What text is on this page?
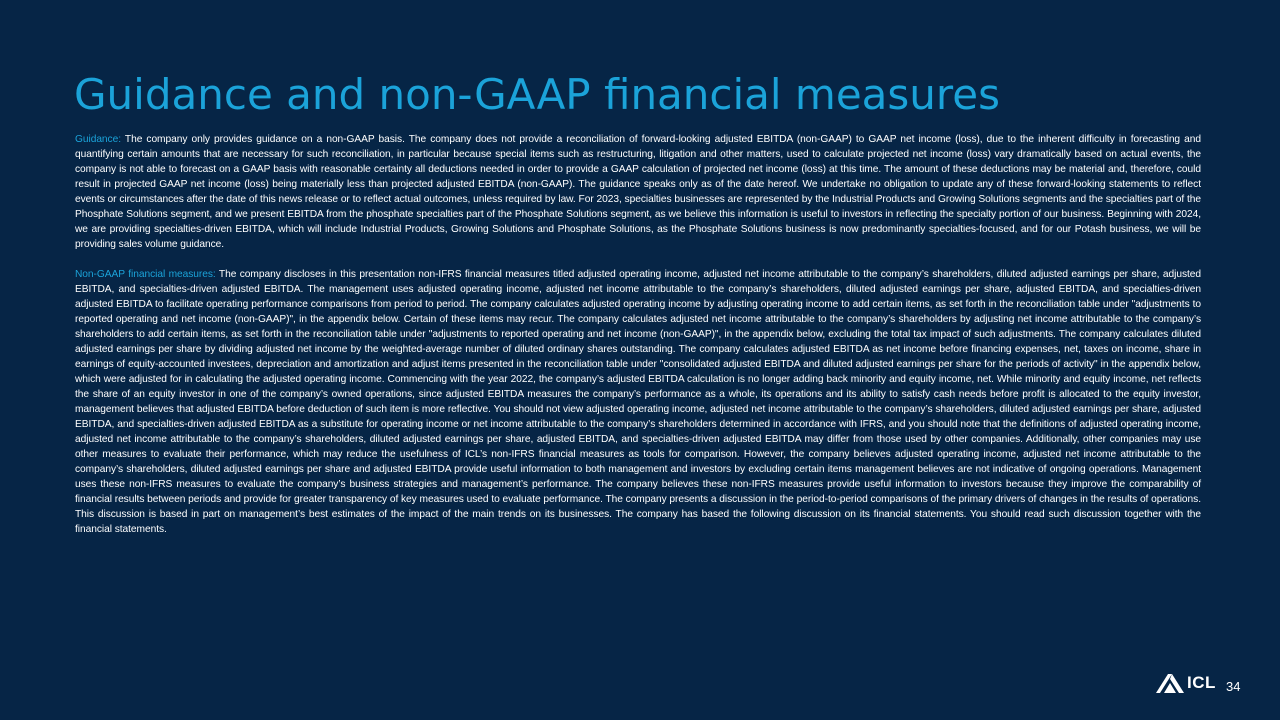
Guidance and non-GAAP financial measures

Guidance: The company only provides guidance on a non-GAAP basis. The company does not provide a reconciliation of forward-looking adjusted EBITDA (non-GAAP) to GAAP net income (loss), due to the inherent difficulty in forecasting and quantifying certain amounts that are necessary for such reconciliation, in particular because special items such as restructuring, litigation and other matters, used to calculate projected net income (loss) vary dramatically based on actual events, the company is not able to forecast on a GAAP basis with reasonable certainty all deductions needed in order to provide a GAAP calculation of projected net income (loss) at this time. The amount of these deductions may be material and, therefore, could result in projected GAAP net income (loss) being materially less than projected adjusted EBITDA (non-GAAP). The guidance speaks only as of the date hereof. We undertake no obligation to update any of these forward-looking statements to reflect events or circumstances after the date of this news release or to reflect actual outcomes, unless required by law. For 2023, specialties businesses are represented by the Industrial Products and Growing Solutions segments and the specialties part of the Phosphate Solutions segment, and we present EBITDA from the phosphate specialties part of the Phosphate Solutions segment, as we believe this information is useful to investors in reflecting the specialty portion of our business. Beginning with 2024, we are providing specialties-driven EBITDA, which will include Industrial Products, Growing Solutions and Phosphate Solutions, as the Phosphate Solutions business is now predominantly specialties-focused, and for our Potash business, we will be providing sales volume guidance.

Non-GAAP financial measures: The company discloses in this presentation non-IFRS financial measures titled adjusted operating income, adjusted net income attributable to the company’s shareholders, diluted adjusted earnings per share, adjusted EBITDA, and specialties-driven adjusted EBITDA. The management uses adjusted operating income, adjusted net income attributable to the company’s shareholders, diluted adjusted earnings per share, adjusted EBITDA, and specialties-driven adjusted EBITDA to facilitate operating performance comparisons from period to period. The company calculates adjusted operating income by adjusting operating income to add certain items, as set forth in the reconciliation table under "adjustments to reported operating and net income (non-GAAP)", in the appendix below. Certain of these items may recur. The company calculates adjusted net income attributable to the company’s shareholders by adjusting net income attributable to the company’s shareholders to add certain items, as set forth in the reconciliation table under "adjustments to reported operating and net income (non-GAAP)", in the appendix below, excluding the total tax impact of such adjustments. The company calculates diluted adjusted earnings per share by dividing adjusted net income by the weighted-average number of diluted ordinary shares outstanding. The company calculates adjusted EBITDA as net income before financing expenses, net, taxes on income, share in earnings of equity-accounted investees, depreciation and amortization and adjust items presented in the reconciliation table under "consolidated adjusted EBITDA and diluted adjusted earnings per share for the periods of activity" in the appendix below, which were adjusted for in calculating the adjusted operating income. Commencing with the year 2022, the company’s adjusted EBITDA calculation is no longer adding back minority and equity income, net. While minority and equity income, net reflects the share of an equity investor in one of the company’s owned operations, since adjusted EBITDA measures the company’s performance as a whole, its operations and its ability to satisfy cash needs before profit is allocated to the equity investor, management believes that adjusted EBITDA before deduction of such item is more reflective. You should not view adjusted operating income, adjusted net income attributable to the company’s shareholders, diluted adjusted earnings per share, adjusted EBITDA, and specialties-driven adjusted EBITDA as a substitute for operating income or net income attributable to the company’s shareholders determined in accordance with IFRS, and you should note that the definitions of adjusted operating income, adjusted net income attributable to the company’s shareholders, diluted adjusted earnings per share, adjusted EBITDA, and specialties-driven adjusted EBITDA may differ from those used by other companies. Additionally, other companies may use other measures to evaluate their performance, which may reduce the usefulness of ICL’s non-IFRS financial measures as tools for comparison. However, the company believes adjusted operating income, adjusted net income attributable to the company’s shareholders, diluted adjusted earnings per share and adjusted EBITDA provide useful information to both management and investors by excluding certain items management believes are not indicative of ongoing operations. Management uses these non-IFRS measures to evaluate the company’s business strategies and management’s performance. The company believes these non-IFRS measures provide useful information to investors because they improve the comparability of financial results between periods and provide for greater transparency of key measures used to evaluate performance. The company presents a discussion in the period-to-period comparisons of the primary drivers of changes in the results of operations. This discussion is based in part on management’s best estimates of the impact of the main trends on its businesses. The company has based the following discussion on its financial statements. You should read such discussion together with the financial statements.

ICL 34
